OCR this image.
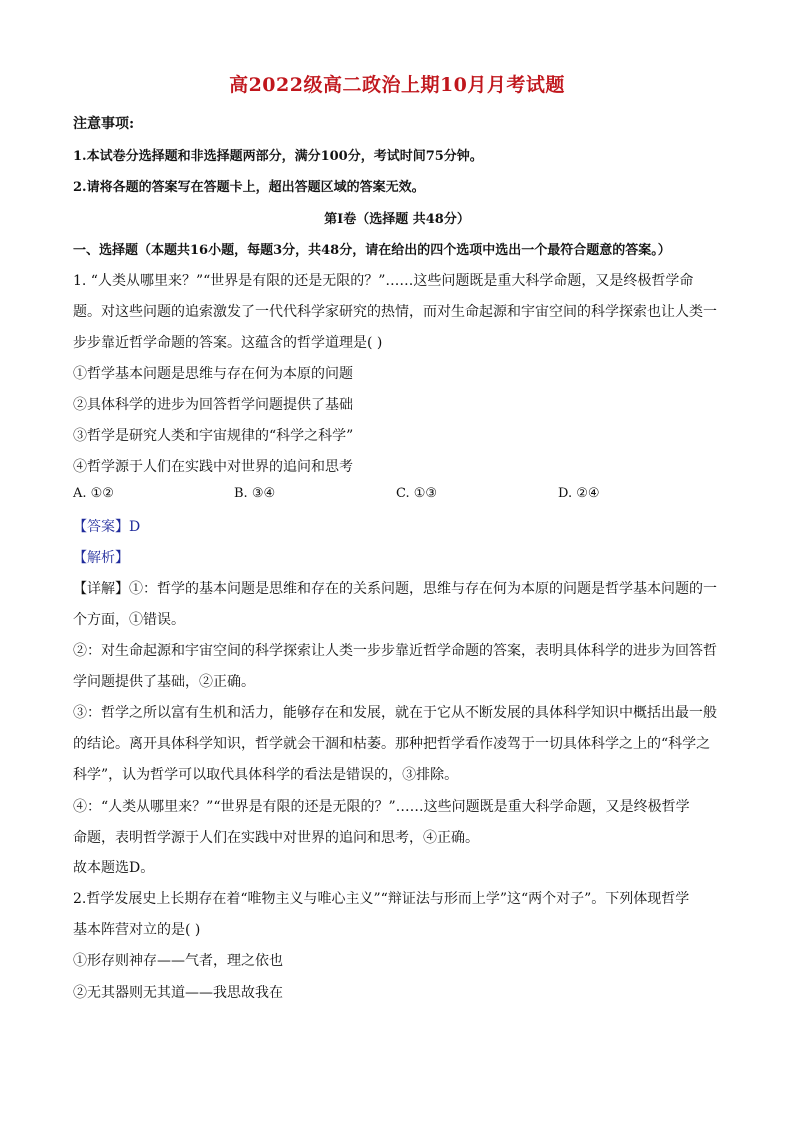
高2022级高二政治上期10月月考试题
注意事项:
1.本试卷分选择题和非选择题两部分，满分100分，考试时间75分钟。
2.请将各题的答案写在答题卡上，超出答题区域的答案无效。
第Ⅰ卷（选择题 共48分）
一、选择题（本题共16小题，每题3分，共48分，请在给出的四个选项中选出一个最符合题意的答案。）
1. “人类从哪里来？”“世界是有限的还是无限的？”……这些问题既是重大科学命题，又是终极哲学命
题。对这些问题的追索激发了一代代科学家研究的热情，而对生命起源和宇宙空间的科学探索也让人类一
步步靠近哲学命题的答案。这蕴含的哲学道理是( )
①哲学基本问题是思维与存在何为本原的问题
②具体科学的进步为回答哲学问题提供了基础
③哲学是研究人类和宇宙规律的“科学之科学”
④哲学源于人们在实践中对世界的追问和思考
A. ①②	B. ③④	C. ①③	D. ②④
【答案】D
【解析】
【详解】①：哲学的基本问题是思维和存在的关系问题，思维与存在何为本原的问题是哲学基本问题的一
个方面，①错误。
②：对生命起源和宇宙空间的科学探索让人类一步步靠近哲学命题的答案，表明具体科学的进步为回答哲
学问题提供了基础，②正确。
③：哲学之所以富有生机和活力，能够存在和发展，就在于它从不断发展的具体科学知识中概括出最一般
的结论。离开具体科学知识，哲学就会干涸和枯萎。那种把哲学看作凌驾于一切具体科学之上的“科学之
科学”，认为哲学可以取代具体科学的看法是错误的，③排除。
④：“人类从哪里来？”“世界是有限的还是无限的？”……这些问题既是重大科学命题，又是终极哲学
命题，表明哲学源于人们在实践中对世界的追问和思考，④正确。
故本题选D。
2.哲学发展史上长期存在着“唯物主义与唯心主义”“辩证法与形而上学”这“两个对子”。下列体现哲学
基本阵营对立的是( )
①形存则神存——气者，理之依也
②无其器则无其道——我思故我在
